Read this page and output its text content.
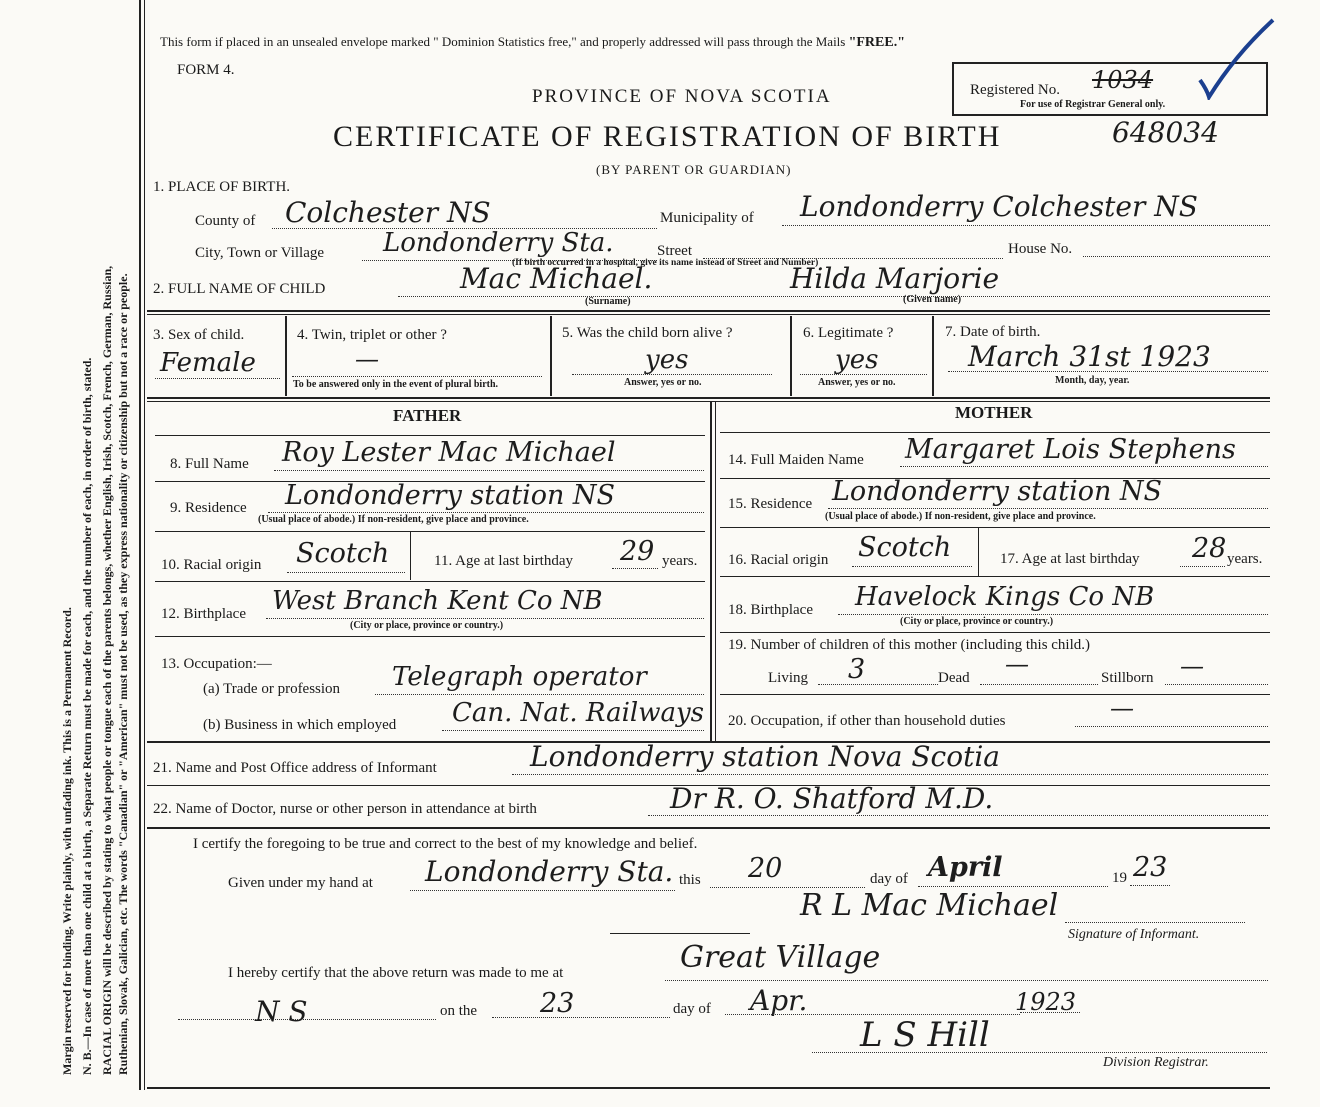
Margin reserved for binding. Write plainly, with unfading ink. This is a Permanent Record. N. B.—In case of more than one child at a birth, a Separate Return must be made for each, and the number of each, in order of birth, stated. RACIAL ORIGIN will be described by stating to what people or tongue each of the parents belongs, whether English, Irish, Scotch, French, German, Russian, Ruthenian, Slovak, Galician, etc. The words "Canadian" or "American" must not be used, as they express nationality or citizenship but not a race or people.
This form if placed in an unsealed envelope marked " Dominion Statistics free," and properly addressed will pass through the Mails "FREE."
FORM 4.
PROVINCE OF NOVA SCOTIA
CERTIFICATE OF REGISTRATION OF BIRTH	648034
(BY PARENT OR GUARDIAN)
Registered No. 1034
For use of Registrar General only.
1. PLACE OF BIRTH.
County of Colchester NS	Municipality of Londonderry Colchester NS
City, Town or Village Londonderry Sta.	Street	House No.
(If birth occurred in a hospital, give its name instead of Street and Number)
2. FULL NAME OF CHILD	Mac Michael.	Hilda Marjorie
(Surname)	(Given name)
3. Sex of child.
Female
4. Twin, triplet or other ?
—
To be answered only in the event of plural birth.
5. Was the child born alive ?
yes
Answer, yes or no.
6. Legitimate ?
yes
Answer, yes or no.
7. Date of birth.
March 31st 1923
Month, day, year.
FATHER
8. Full Name Roy Lester Mac Michael
9. Residence Londonderry station NS
(Usual place of abode.) If non-resident, give place and province.
10. Racial origin Scotch	11. Age at last birthday 29 years.
12. Birthplace West Branch Kent Co NB
(City or place, province or country.)
13. Occupation:—
(a) Trade or profession Telegraph operator
(b) Business in which employed Can. Nat. Railways
MOTHER
14. Full Maiden Name Margaret Lois Stephens
15. Residence Londonderry station NS
(Usual place of abode.) If non-resident, give place and province.
16. Racial origin Scotch	17. Age at last birthday 28 years.
18. Birthplace Havelock Kings Co NB
(City or place, province or country.)
19. Number of children of this mother (including this child.)
Living 3	Dead —	Stillborn —
20. Occupation, if other than household duties	—
21. Name and Post Office address of Informant	Londonderry station Nova Scotia
22. Name of Doctor, nurse or other person in attendance at birth	Dr R. O. Shatford M.D.
I certify the foregoing to be true and correct to the best of my knowledge and belief.
Given under my hand at Londonderry Sta. this 20	day of April	19 23
R L Mac Michael
Signature of Informant.
I hereby certify that the above return was made to me at	Great Village
N S	on the 23	day of Apr.	1923
L S Hill
Division Registrar.
